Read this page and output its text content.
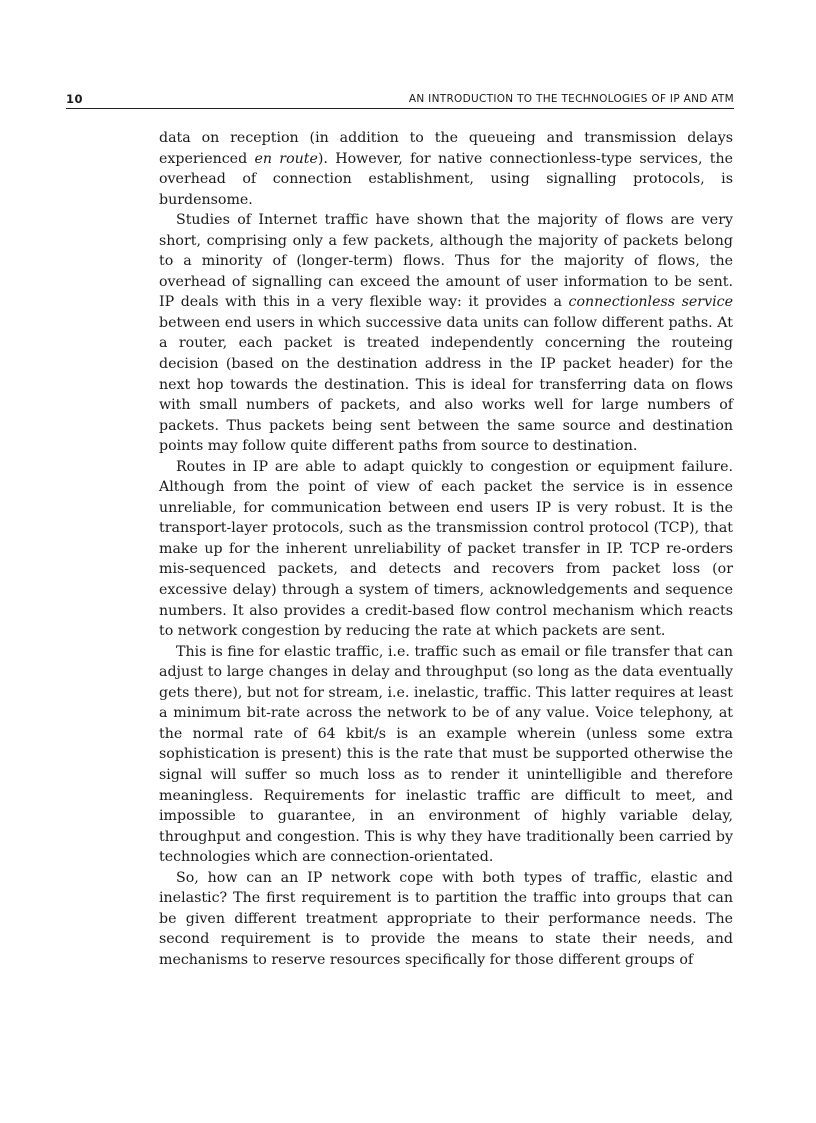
10	AN INTRODUCTION TO THE TECHNOLOGIES OF IP AND ATM

data on reception (in addition to the queueing and transmission delays experienced en route). However, for native connectionless-type services, the overhead of connection establishment, using signalling protocols, is burdensome.

Studies of Internet traffic have shown that the majority of flows are very short, comprising only a few packets, although the majority of packets belong to a minority of (longer-term) flows. Thus for the majority of flows, the overhead of signalling can exceed the amount of user information to be sent. IP deals with this in a very flexible way: it provides a connectionless service between end users in which successive data units can follow different paths. At a router, each packet is treated independently concerning the routeing decision (based on the destination address in the IP packet header) for the next hop towards the destination. This is ideal for transferring data on flows with small numbers of packets, and also works well for large numbers of packets. Thus packets being sent between the same source and destination points may follow quite different paths from source to destination.

Routes in IP are able to adapt quickly to congestion or equipment failure. Although from the point of view of each packet the service is in essence unreliable, for communication between end users IP is very robust. It is the transport-layer protocols, such as the transmission control protocol (TCP), that make up for the inherent unreliability of packet transfer in IP. TCP re-orders mis-sequenced packets, and detects and recovers from packet loss (or excessive delay) through a system of timers, acknowledgements and sequence numbers. It also provides a credit-based flow control mechanism which reacts to network congestion by reducing the rate at which packets are sent.

This is fine for elastic traffic, i.e. traffic such as email or file transfer that can adjust to large changes in delay and throughput (so long as the data eventually gets there), but not for stream, i.e. inelastic, traffic. This latter requires at least a minimum bit-rate across the network to be of any value. Voice telephony, at the normal rate of 64 kbit/s is an example wherein (unless some extra sophistication is present) this is the rate that must be supported otherwise the signal will suffer so much loss as to render it unintelligible and therefore meaningless. Requirements for inelastic traffic are difficult to meet, and impossible to guarantee, in an environment of highly variable delay, throughput and congestion. This is why they have traditionally been carried by technologies which are connection-orientated.

So, how can an IP network cope with both types of traffic, elastic and inelastic? The first requirement is to partition the traffic into groups that can be given different treatment appropriate to their performance needs. The second requirement is to provide the means to state their needs, and mechanisms to reserve resources specifically for those different groups of
